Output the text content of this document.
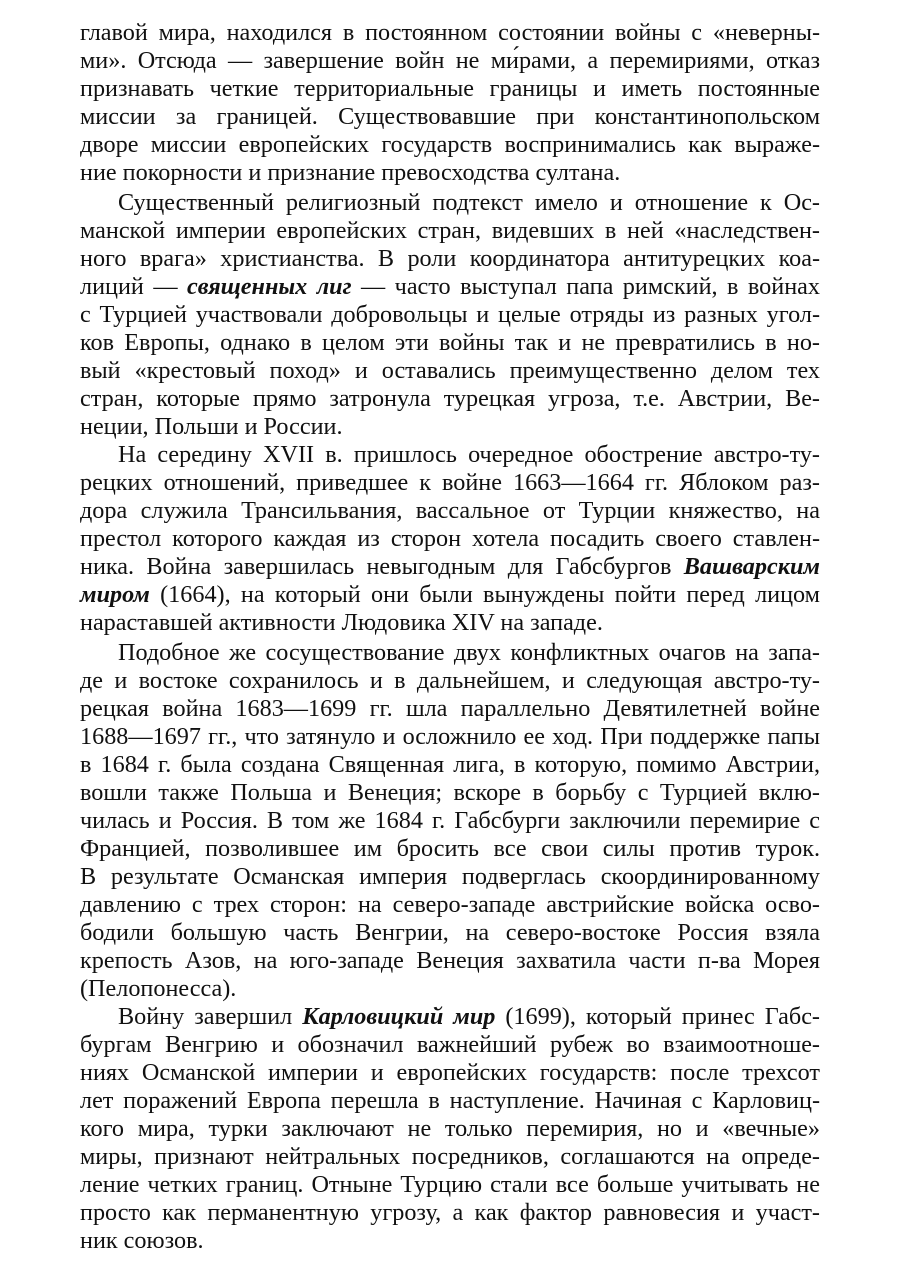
главой мира, находился в постоянном состоянии войны с «неверны-
ми». Отсюда — завершение войн не ми́рами, а перемириями, отказ
признавать четкие территориальные границы и иметь постоянные
миссии за границей. Существовавшие при константинопольском
дворе миссии европейских государств воспринимались как выраже-
ние покорности и признание превосходства султана.
Существенный религиозный подтекст имело и отношение к Ос-
манской империи европейских стран, видевших в ней «наследствен-
ного врага» христианства. В роли координатора антитурецких коа-
лиций — священных лиг — часто выступал папа римский, в войнах
с Турцией участвовали добровольцы и целые отряды из разных угол-
ков Европы, однако в целом эти войны так и не превратились в но-
вый «крестовый поход» и оставались преимущественно делом тех
стран, которые прямо затронула турецкая угроза, т.е. Австрии, Ве-
неции, Польши и России.
На середину XVII в. пришлось очередное обострение австро-ту-
рецких отношений, приведшее к войне 1663—1664 гг. Яблоком раз-
дора служила Трансильвания, вассальное от Турции княжество, на
престол которого каждая из сторон хотела посадить своего ставлен-
ника. Война завершилась невыгодным для Габсбургов Вашварским
миром (1664), на который они были вынуждены пойти перед лицом
нараставшей активности Людовика XIV на западе.
Подобное же сосуществование двух конфликтных очагов на запа-
де и востоке сохранилось и в дальнейшем, и следующая австро-ту-
рецкая война 1683—1699 гг. шла параллельно Девятилетней войне
1688—1697 гг., что затянуло и осложнило ее ход. При поддержке папы
в 1684 г. была создана Священная лига, в которую, помимо Австрии,
вошли также Польша и Венеция; вскоре в борьбу с Турцией вклю-
чилась и Россия. В том же 1684 г. Габсбурги заключили перемирие с
Францией, позволившее им бросить все свои силы против турок.
В результате Османская империя подверглась скоординированному
давлению с трех сторон: на северо-западе австрийские войска осво-
бодили большую часть Венгрии, на северо-востоке Россия взяла
крепость Азов, на юго-западе Венеция захватила части п-ва Морея
(Пелопонесса).
Войну завершил Карловицкий мир (1699), который принес Габс-
бургам Венгрию и обозначил важнейший рубеж во взаимоотноше-
ниях Османской империи и европейских государств: после трехсот
лет поражений Европа перешла в наступление. Начиная с Карловиц-
кого мира, турки заключают не только перемирия, но и «вечные»
миры, признают нейтральных посредников, соглашаются на опреде-
ление четких границ. Отныне Турцию стали все больше учитывать не
просто как перманентную угрозу, а как фактор равновесия и участ-
ник союзов.
